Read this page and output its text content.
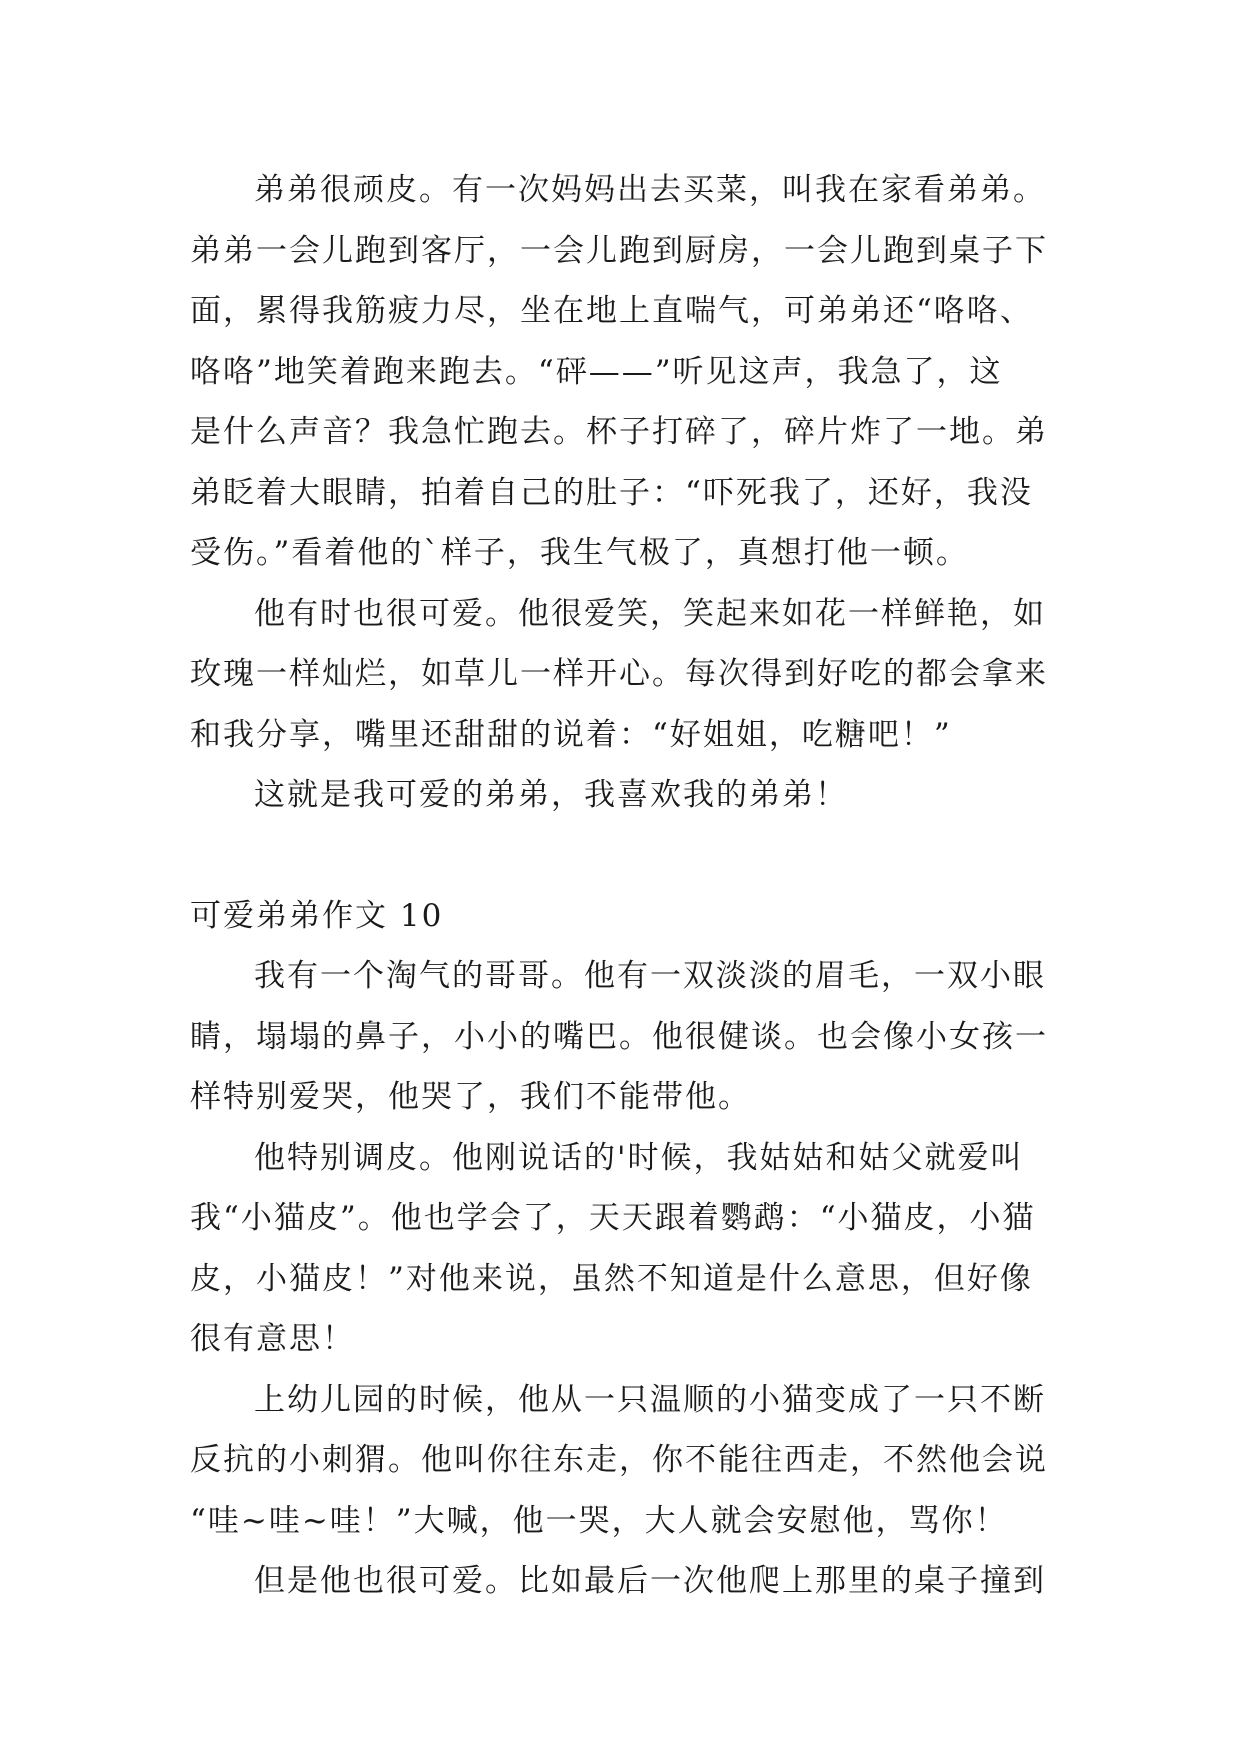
弟弟很顽皮。有一次妈妈出去买菜，叫我在家看弟弟。
弟弟一会儿跑到客厅，一会儿跑到厨房，一会儿跑到桌子下
面，累得我筋疲力尽，坐在地上直喘气，可弟弟还“咯咯、
咯咯”地笑着跑来跑去。“砰——”听见这声，我急了，这
是什么声音？我急忙跑去。杯子打碎了，碎片炸了一地。弟
弟眨着大眼睛，拍着自己的肚子：“吓死我了，还好，我没
受伤。”看着他的`样子，我生气极了，真想打他一顿。

他有时也很可爱。他很爱笑，笑起来如花一样鲜艳，如
玫瑰一样灿烂，如草儿一样开心。每次得到好吃的都会拿来
和我分享，嘴里还甜甜的说着：“好姐姐，吃糖吧！”

这就是我可爱的弟弟，我喜欢我的弟弟！

可爱弟弟作文 10

我有一个淘气的哥哥。他有一双淡淡的眉毛，一双小眼
睛，塌塌的鼻子，小小的嘴巴。他很健谈。也会像小女孩一
样特别爱哭，他哭了，我们不能带他。

他特别调皮。他刚说话的'时候，我姑姑和姑父就爱叫
我“小猫皮”。他也学会了，天天跟着鹦鹉：“小猫皮，小猫
皮，小猫皮！”对他来说，虽然不知道是什么意思，但好像
很有意思！

上幼儿园的时候，他从一只温顺的小猫变成了一只不断
反抗的小刺猬。他叫你往东走，你不能往西走，不然他会说
“哇~哇~哇！”大喊，他一哭，大人就会安慰他，骂你！

但是他也很可爱。比如最后一次他爬上那里的桌子撞到
